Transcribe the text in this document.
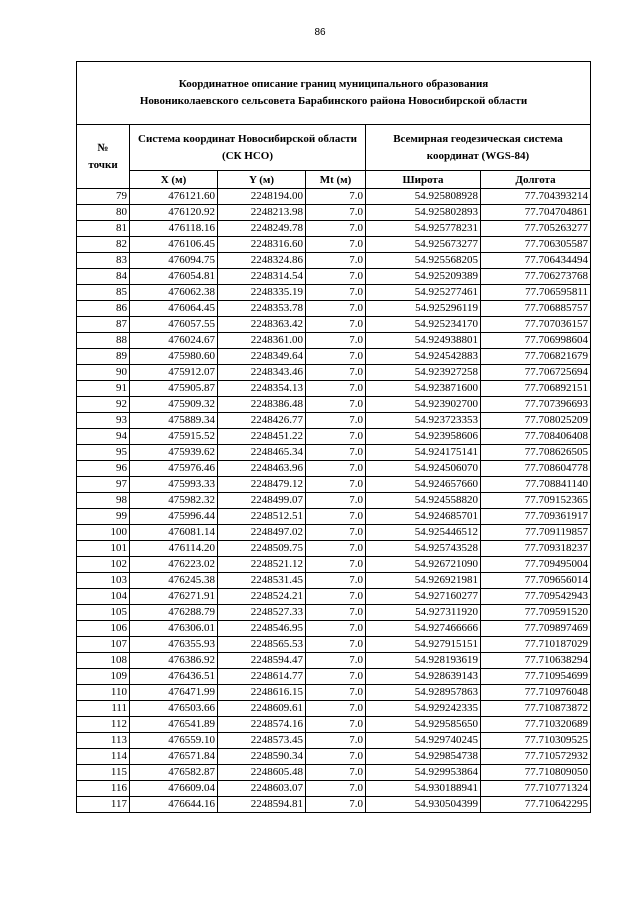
86
Координатное описание границ муниципального образования
Новониколаевского сельсовета Барабинского района Новосибирской области					

№
точки	Система координат Новосибирской области (СК НСО)			Всемирная геодезическая система координат (WGS-84)	
	X (м)	Y (м)	Mt (м)	Широта	Долгота
79	476121.60	2248194.00	7.0	54.925808928	77.704393214
80	476120.92	2248213.98	7.0	54.925802893	77.704704861
81	476118.16	2248249.78	7.0	54.925778231	77.705263277
82	476106.45	2248316.60	7.0	54.925673277	77.706305587
83	476094.75	2248324.86	7.0	54.925568205	77.706434494
84	476054.81	2248314.54	7.0	54.925209389	77.706273768
85	476062.38	2248335.19	7.0	54.925277461	77.706595811
86	476064.45	2248353.78	7.0	54.925296119	77.706885757
87	476057.55	2248363.42	7.0	54.925234170	77.707036157
88	476024.67	2248361.00	7.0	54.924938801	77.706998604
89	475980.60	2248349.64	7.0	54.924542883	77.706821679
90	475912.07	2248343.46	7.0	54.923927258	77.706725694
91	475905.87	2248354.13	7.0	54.923871600	77.706892151
92	475909.32	2248386.48	7.0	54.923902700	77.707396693
93	475889.34	2248426.77	7.0	54.923723353	77.708025209
94	475915.52	2248451.22	7.0	54.923958606	77.708406408
95	475939.62	2248465.34	7.0	54.924175141	77.708626505
96	475976.46	2248463.96	7.0	54.924506070	77.708604778
97	475993.33	2248479.12	7.0	54.924657660	77.708841140
98	475982.32	2248499.07	7.0	54.924558820	77.709152365
99	475996.44	2248512.51	7.0	54.924685701	77.709361917
100	476081.14	2248497.02	7.0	54.925446512	77.709119857
101	476114.20	2248509.75	7.0	54.925743528	77.709318237
102	476223.02	2248521.12	7.0	54.926721090	77.709495004
103	476245.38	2248531.45	7.0	54.926921981	77.709656014
104	476271.91	2248524.21	7.0	54.927160277	77.709542943
105	476288.79	2248527.33	7.0	54.927311920	77.709591520
106	476306.01	2248546.95	7.0	54.927466666	77.709897469
107	476355.93	2248565.53	7.0	54.927915151	77.710187029
108	476386.92	2248594.47	7.0	54.928193619	77.710638294
109	476436.51	2248614.77	7.0	54.928639143	77.710954699
110	476471.99	2248616.15	7.0	54.928957863	77.710976048
111	476503.66	2248609.61	7.0	54.929242335	77.710873872
112	476541.89	2248574.16	7.0	54.929585650	77.710320689
113	476559.10	2248573.45	7.0	54.929740245	77.710309525
114	476571.84	2248590.34	7.0	54.929854738	77.710572932
115	476582.87	2248605.48	7.0	54.929953864	77.710809050
116	476609.04	2248603.07	7.0	54.930188941	77.710771324
117	476644.16	2248594.81	7.0	54.930504399	77.710642295
